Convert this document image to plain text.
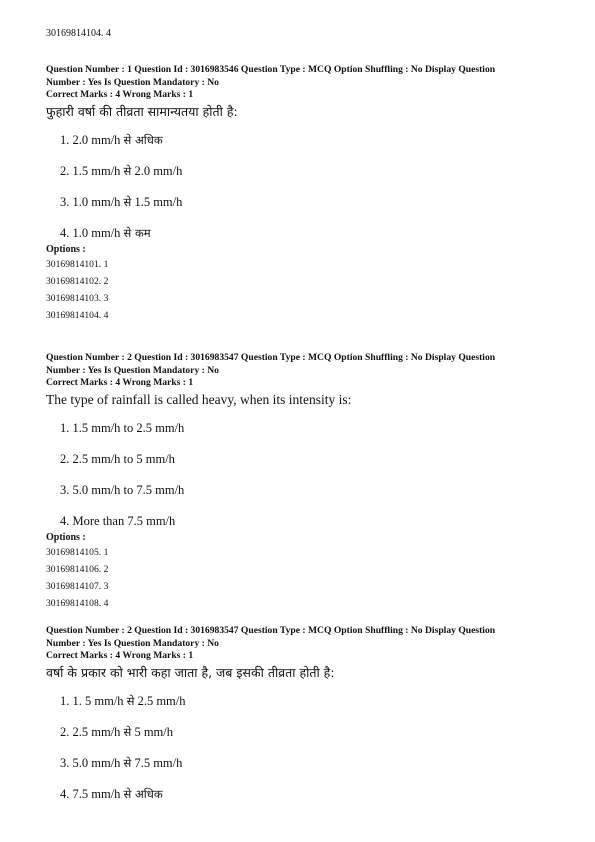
30169814104. 4
Question Number : 1 Question Id : 3016983546 Question Type : MCQ Option Shuffling : No Display Question
Number : Yes Is Question Mandatory : No
Correct Marks : 4 Wrong Marks : 1
फुहारी वर्षा की तीव्रता सामान्यतया होती है:
1. 2.0 mm/h से अधिक
2. 1.5 mm/h से 2.0 mm/h
3. 1.0 mm/h से 1.5 mm/h
4. 1.0 mm/h से कम
Options :
30169814101. 1
30169814102. 2
30169814103. 3
30169814104. 4
Question Number : 2 Question Id : 3016983547 Question Type : MCQ Option Shuffling : No Display Question
Number : Yes Is Question Mandatory : No
Correct Marks : 4 Wrong Marks : 1
The type of rainfall is called heavy, when its intensity is:
1. 1.5 mm/h to 2.5 mm/h
2. 2.5 mm/h to 5 mm/h
3. 5.0 mm/h to 7.5 mm/h
4. More than 7.5 mm/h
Options :
30169814105. 1
30169814106. 2
30169814107. 3
30169814108. 4
Question Number : 2 Question Id : 3016983547 Question Type : MCQ Option Shuffling : No Display Question
Number : Yes Is Question Mandatory : No
Correct Marks : 4 Wrong Marks : 1
वर्षा के प्रकार को भारी कहा जाता है, जब इसकी तीव्रता होती है:
1. 1. 5 mm/h से 2.5 mm/h
2. 2.5 mm/h से 5 mm/h
3. 5.0 mm/h से 7.5 mm/h
4. 7.5 mm/h से अधिक
